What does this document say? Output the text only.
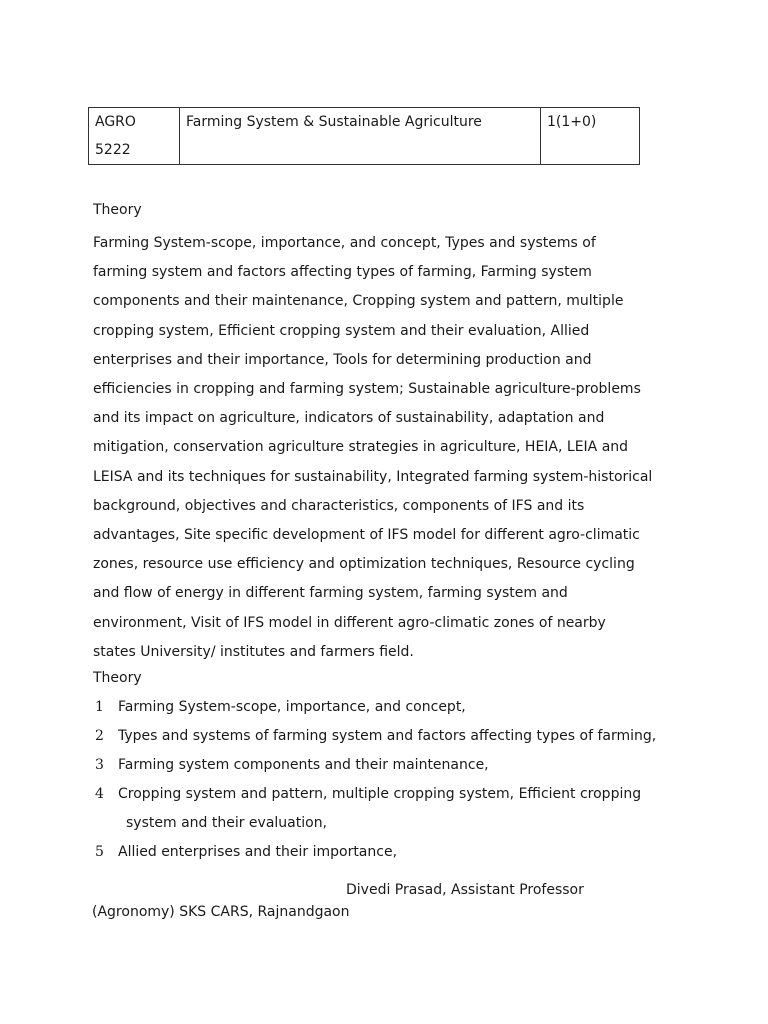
AGRO
5222

Farming System & Sustainable Agriculture	1(1+0)
Theory

Farming System-scope, importance, and concept, Types and systems of farming system and factors affecting types of farming, Farming system components and their maintenance, Cropping system and pattern, multiple cropping system, Efficient cropping system and their evaluation, Allied enterprises and their importance, Tools for determining production and efficiencies in cropping and farming system; Sustainable agriculture-problems and its impact on agriculture, indicators of sustainability, adaptation and mitigation, conservation agriculture strategies in agriculture, HEIA, LEIA and LEISA and its techniques for sustainability, Integrated farming system-historical background, objectives and characteristics, components of IFS and its advantages, Site specific development of IFS model for different agro-climatic zones, resource use efficiency and optimization techniques, Resource cycling and flow of energy in different farming system, farming system and environment, Visit of IFS model in different agro-climatic zones of nearby states University/ institutes and farmers field.

Theory
1 Farming System-scope, importance, and concept,
2 Types and systems of farming system and factors affecting types of farming,
3 Farming system components and their maintenance,
4 Cropping system and pattern, multiple cropping system, Efficient cropping
system and their evaluation,
5 Allied enterprises and their importance,
Divedi Prasad, Assistant Professor
(Agronomy) SKS CARS, Rajnandgaon
